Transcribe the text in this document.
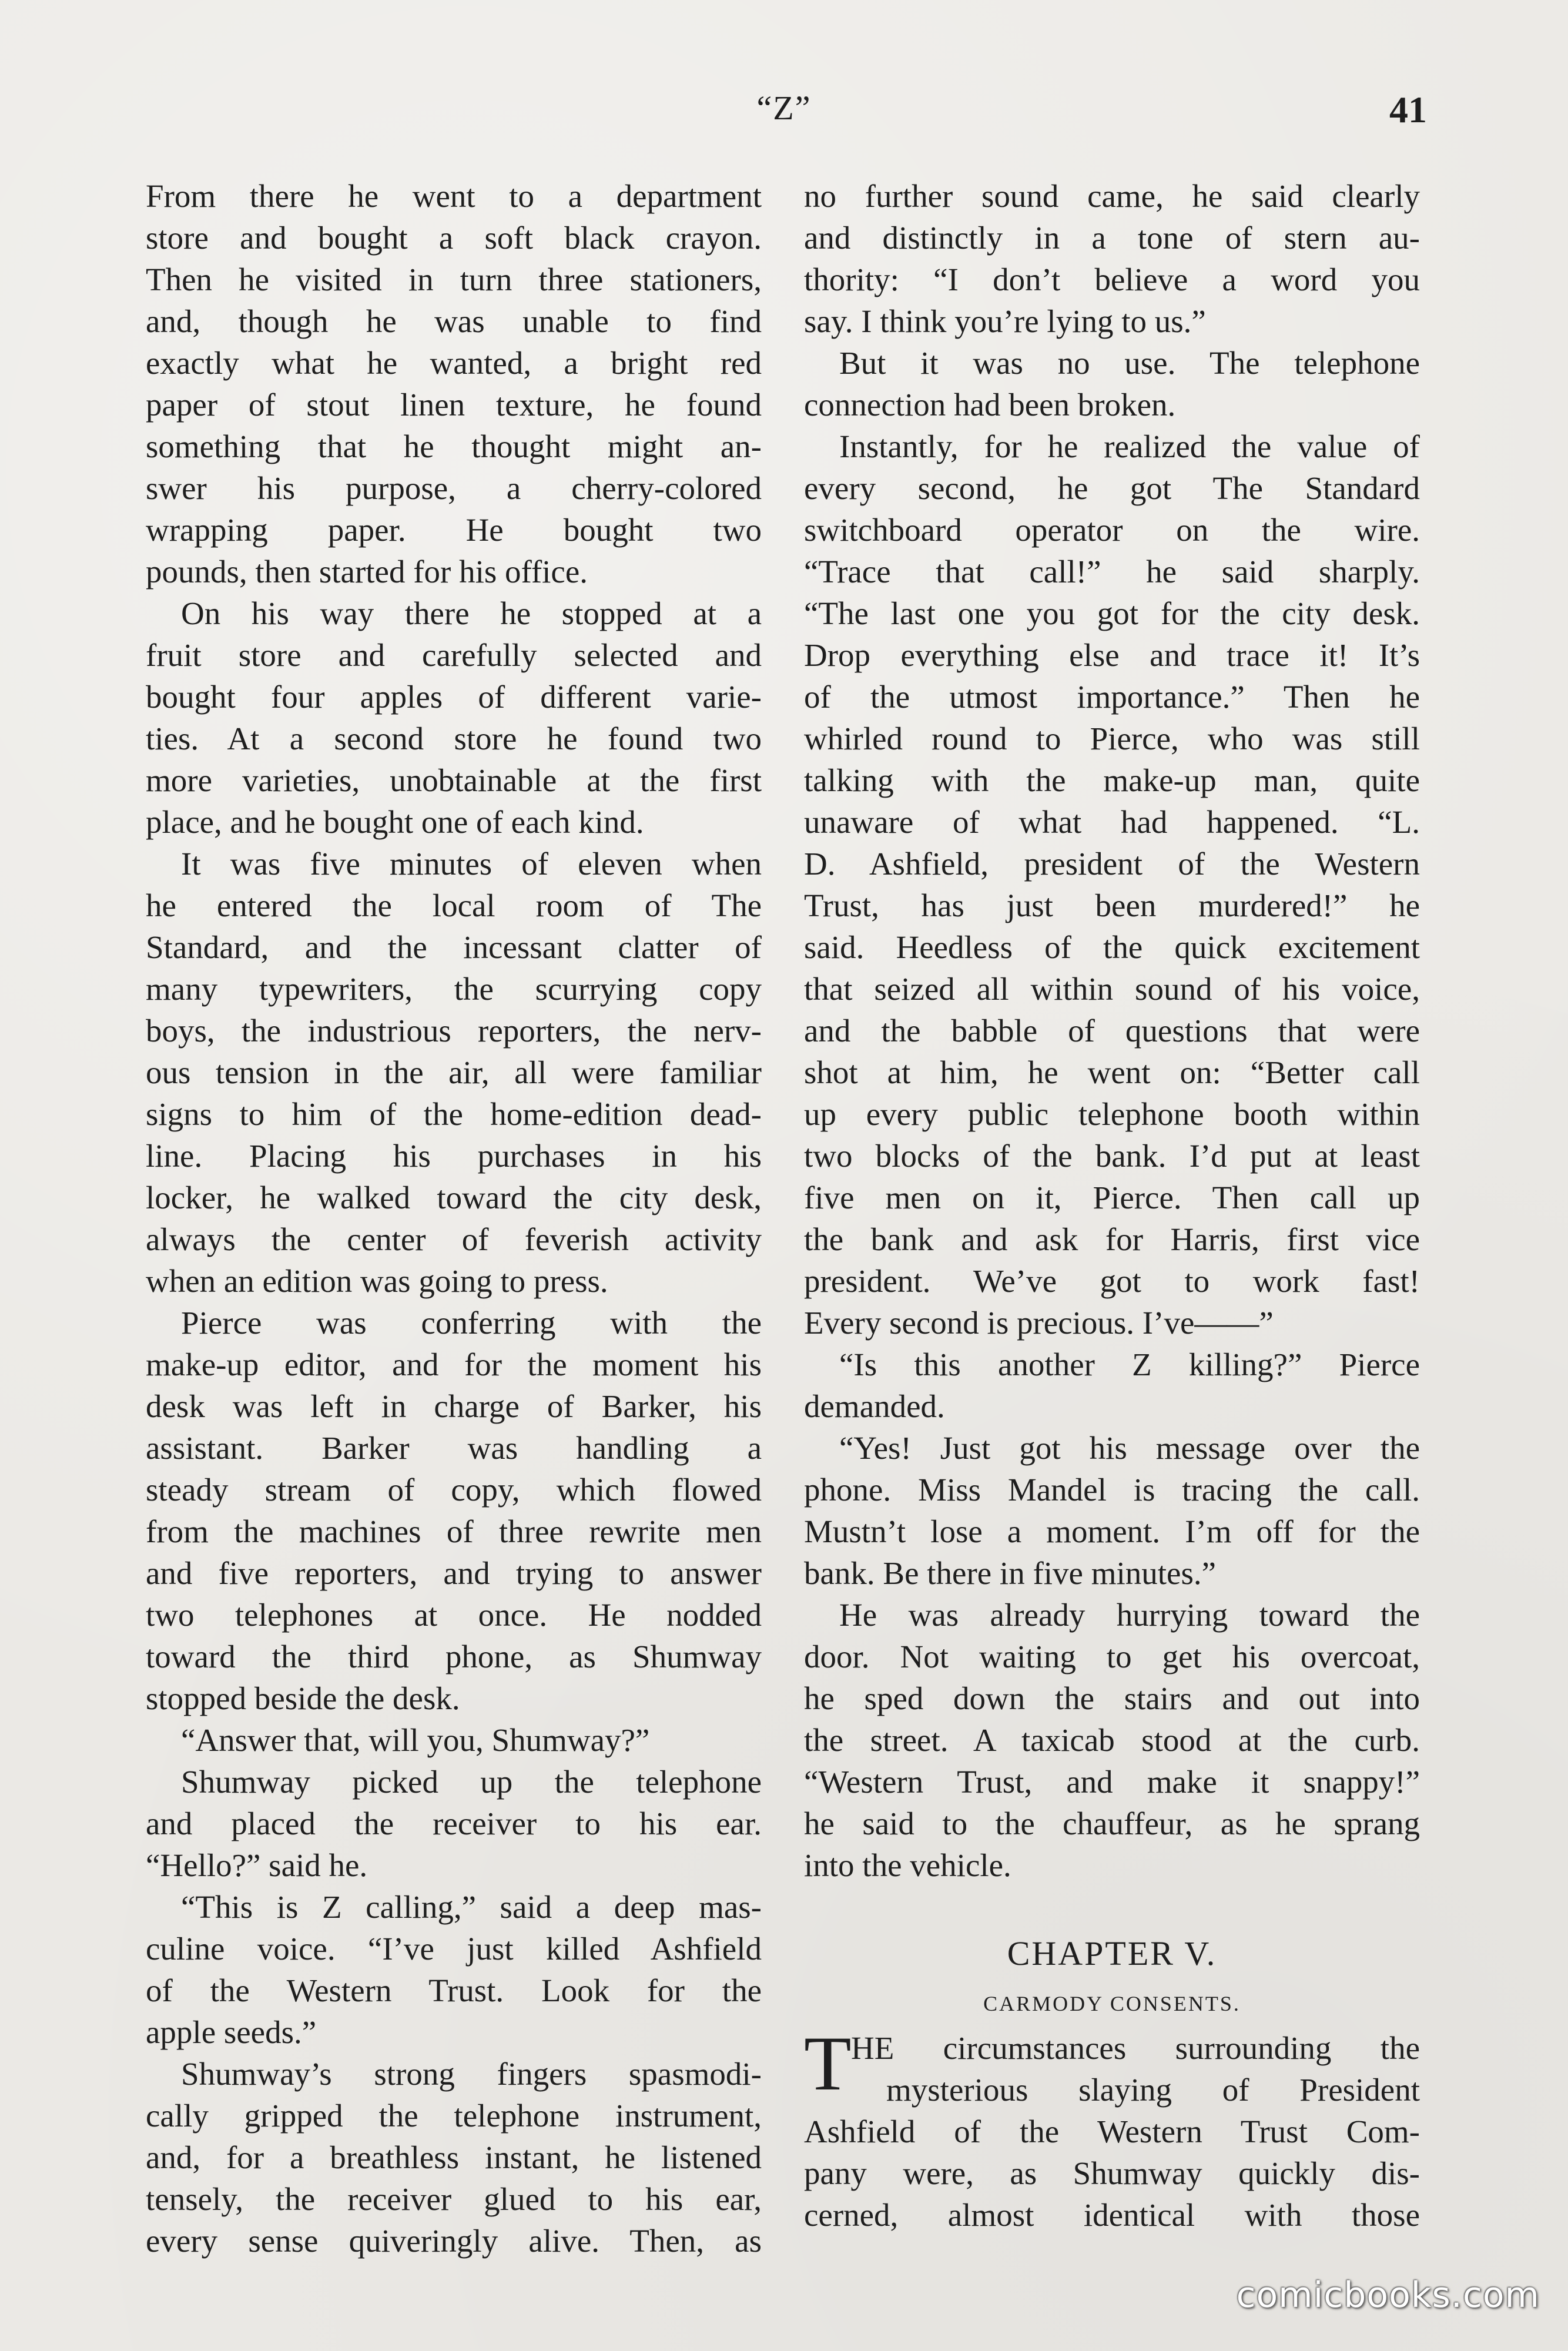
“Z”	41
From there he went to a department
store and bought a soft black crayon.
Then he visited in turn three stationers,
and, though he was unable to find
exactly what he wanted, a bright red
paper of stout linen texture, he found
something that he thought might an-
swer his purpose, a cherry-colored
wrapping paper. He bought two
pounds, then started for his office.
On his way there he stopped at a
fruit store and carefully selected and
bought four apples of different varie-
ties. At a second store he found two
more varieties, unobtainable at the first
place, and he bought one of each kind.
It was five minutes of eleven when
he entered the local room of The
Standard, and the incessant clatter of
many typewriters, the scurrying copy
boys, the industrious reporters, the nerv-
ous tension in the air, all were familiar
signs to him of the home-edition dead-
line. Placing his purchases in his
locker, he walked toward the city desk,
always the center of feverish activity
when an edition was going to press.
Pierce was conferring with the
make-up editor, and for the moment his
desk was left in charge of Barker, his
assistant. Barker was handling a
steady stream of copy, which flowed
from the machines of three rewrite men
and five reporters, and trying to answer
two telephones at once. He nodded
toward the third phone, as Shumway
stopped beside the desk.
“Answer that, will you, Shumway?”
Shumway picked up the telephone
and placed the receiver to his ear.
“Hello?” said he.
“This is Z calling,” said a deep mas-
culine voice. “I’ve just killed Ashfield
of the Western Trust. Look for the
apple seeds.”
Shumway’s strong fingers spasmodi-
cally gripped the telephone instrument,
and, for a breathless instant, he listened
tensely, the receiver glued to his ear,
every sense quiveringly alive. Then, as
no further sound came, he said clearly
and distinctly in a tone of stern au-
thority: “I don’t believe a word you
say. I think you’re lying to us.”
But it was no use. The telephone
connection had been broken.
Instantly, for he realized the value of
every second, he got The Standard
switchboard operator on the wire.
“Trace that call!” he said sharply.
“The last one you got for the city desk.
Drop everything else and trace it! It’s
of the utmost importance.” Then he
whirled round to Pierce, who was still
talking with the make-up man, quite
unaware of what had happened. “L.
D. Ashfield, president of the Western
Trust, has just been murdered!” he
said. Heedless of the quick excitement
that seized all within sound of his voice,
and the babble of questions that were
shot at him, he went on: “Better call
up every public telephone booth within
two blocks of the bank. I’d put at least
five men on it, Pierce. Then call up
the bank and ask for Harris, first vice
president. We’ve got to work fast!
Every second is precious. I’ve——”
“Is this another Z killing?” Pierce
demanded.
“Yes! Just got his message over the
phone. Miss Mandel is tracing the call.
Mustn’t lose a moment. I’m off for the
bank. Be there in five minutes.”
He was already hurrying toward the
door. Not waiting to get his overcoat,
he sped down the stairs and out into
the street. A taxicab stood at the curb.
“Western Trust, and make it snappy!”
he said to the chauffeur, as he sprang
into the vehicle.
CHAPTER V.
CARMODY CONSENTS.
T HE circumstances surrounding the
mysterious slaying of President
Ashfield of the Western Trust Com-
pany were, as Shumway quickly dis-
cerned, almost identical with those
comicbooks.com
